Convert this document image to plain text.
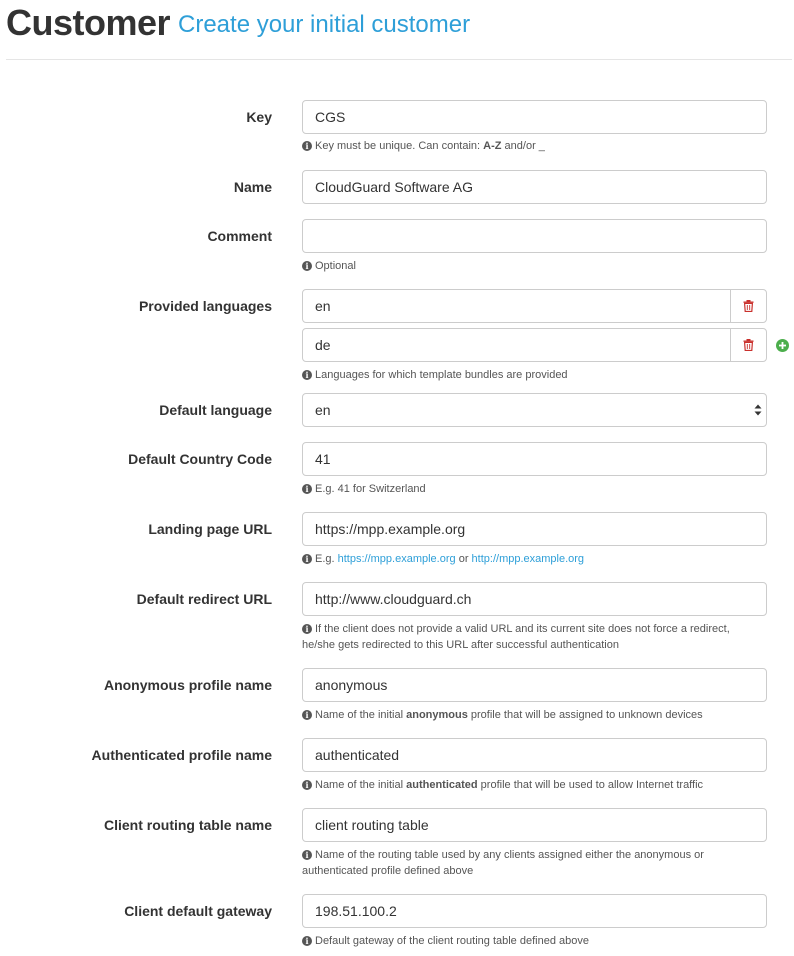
Customer Create your initial customer
Key	CGS
i Key must be unique. Can contain: A-Z and/or _
Name	CloudGuard Software AG
Comment
i Optional
Provided languages	en
de
i Languages for which template bundles are provided
Default language	en
Default Country Code	41
i E.g. 41 for Switzerland
Landing page URL	https://mpp.example.org
i E.g. https://mpp.example.org or http://mpp.example.org
Default redirect URL	http://www.cloudguard.ch
i If the client does not provide a valid URL and its current site does not force a redirect, he/she gets redirected to this URL after successful authentication
Anonymous profile name	anonymous
i Name of the initial anonymous profile that will be assigned to unknown devices
Authenticated profile name	authenticated
i Name of the initial authenticated profile that will be used to allow Internet traffic
Client routing table name	client routing table
i Name of the routing table used by any clients assigned either the anonymous or authenticated profile defined above
Client default gateway	198.51.100.2
i Default gateway of the client routing table defined above
